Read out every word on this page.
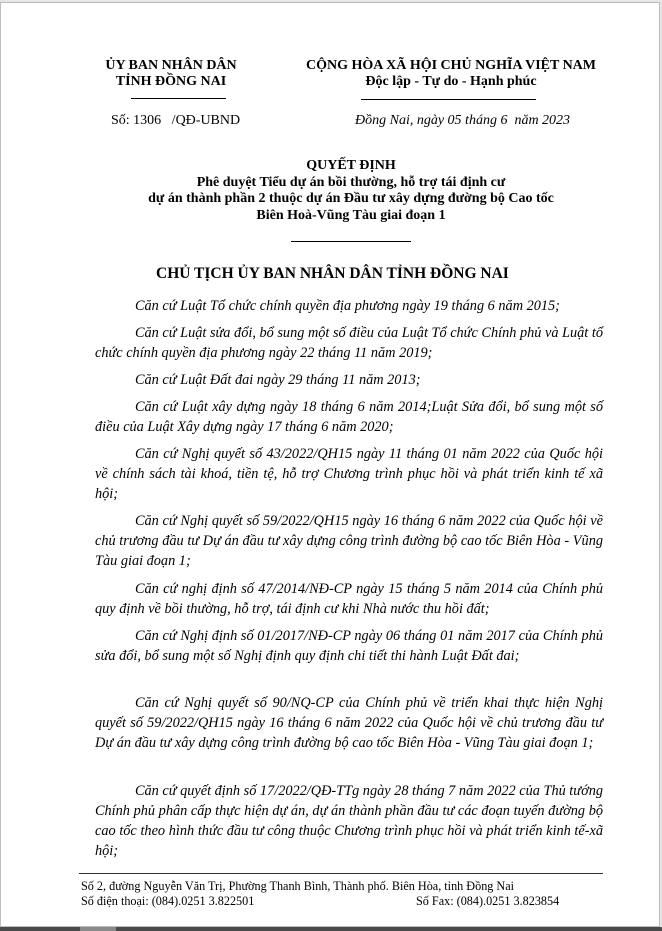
ỦY BAN NHÂN DÂN
TỈNH ĐỒNG NAI
Số: 1306   /QĐ-UBND
CỘNG HÒA XÃ HỘI CHỦ NGHĨA VIỆT NAM
Độc lập - Tự do - Hạnh phúc
Đồng Nai, ngày 05 tháng 6  năm 2023
QUYẾT ĐỊNH
Phê duyệt Tiểu dự án bồi thường, hỗ trợ tái định cư
dự án thành phần 2 thuộc dự án Đầu tư xây dựng đường bộ Cao tốc
Biên Hoà-Vũng Tàu giai đoạn 1
CHỦ TỊCH ỦY BAN NHÂN DÂN TỈNH ĐỒNG NAI
Căn cứ Luật Tổ chức chính quyền địa phương ngày 19 tháng 6 năm 2015;
Căn cứ Luật sửa đổi, bổ sung một số điều của Luật Tổ chức Chính phủ và Luật tổ chức chính quyền địa phương ngày 22 tháng 11 năm 2019;
Căn cứ Luật Đất đai ngày 29 tháng 11 năm 2013;
Căn cứ Luật xây dựng ngày 18 tháng 6 năm 2014;Luật Sửa đổi, bổ sung một số điều của Luật Xây dựng ngày 17 tháng 6 năm 2020;
Căn cứ Nghị quyết số 43/2022/QH15 ngày 11 tháng 01 năm 2022 của Quốc hội về chính sách tài khoá, tiền tệ, hỗ trợ Chương trình phục hồi và phát triển kinh tế xã hội;
Căn cứ Nghị quyết số 59/2022/QH15 ngày 16 tháng 6 năm 2022 của Quốc hội về chủ trương đầu tư Dự án đầu tư xây dựng công trình đường bộ cao tốc Biên Hòa - Vũng Tàu giai đoạn 1;
Căn cứ nghị định số 47/2014/NĐ-CP ngày 15 tháng 5 năm 2014 của Chính phủ quy định về bồi thường, hỗ trợ, tái định cư khi Nhà nước thu hồi đất;
Căn cứ Nghị định số 01/2017/NĐ-CP ngày 06 tháng 01 năm 2017 của Chính phủ sửa đổi, bổ sung một số Nghị định quy định chi tiết thi hành Luật Đất đai;
Căn cứ Nghị quyết số 90/NQ-CP của Chính phủ về triển khai thực hiện Nghị quyết số 59/2022/QH15 ngày 16 tháng 6 năm 2022 của Quốc hội về chủ trương đầu tư Dự án đầu tư xây dựng công trình đường bộ cao tốc Biên Hòa - Vũng Tàu giai đoạn 1;
Căn cứ quyết định số 17/2022/QĐ-TTg ngày 28 tháng 7 năm 2022 của Thủ tướng Chính phủ phân cấp thực hiện dự án, dự án thành phần đầu tư các đoạn tuyến đường bộ cao tốc theo hình thức đầu tư công thuộc Chương trình phục hồi và phát triển kinh tế-xã hội;
Số 2, đường Nguyễn Văn Trị, Phường Thanh Bình, Thành phố. Biên Hòa, tỉnh Đồng Nai
Số điện thoại: (084).0251 3.822501	Số Fax: (084).0251 3.823854
